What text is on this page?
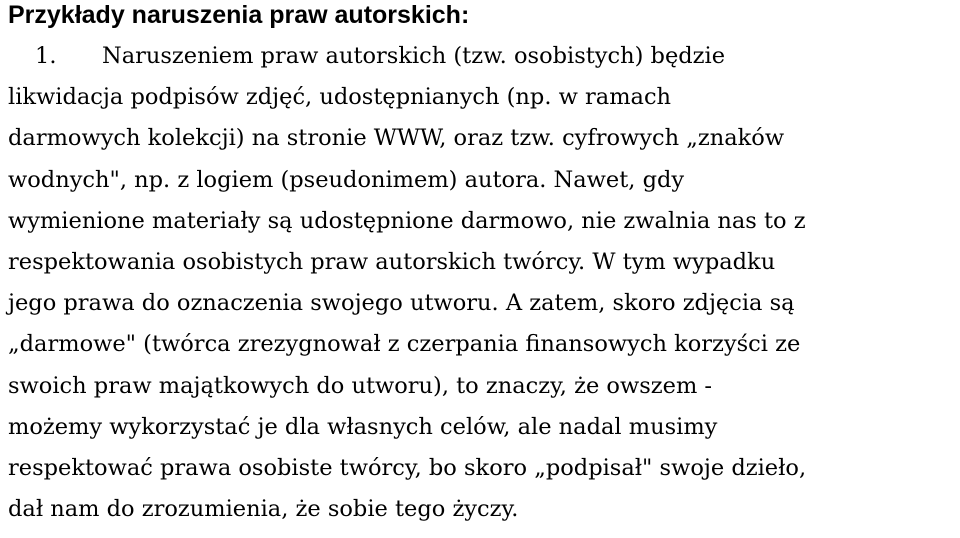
Przykłady naruszenia praw autorskich:
1. Naruszeniem praw autorskich (tzw. osobistych) będzie
likwidacja podpisów zdjęć, udostępnianych (np. w ramach
darmowych kolekcji) na stronie WWW, oraz tzw. cyfrowych „znaków
wodnych", np. z logiem (pseudonimem) autora. Nawet, gdy
wymienione materiały są udostępnione darmowo, nie zwalnia nas to z
respektowania osobistych praw autorskich twórcy. W tym wypadku
jego prawa do oznaczenia swojego utworu. A zatem, skoro zdjęcia są
„darmowe" (twórca zrezygnował z czerpania finansowych korzyści ze
swoich praw majątkowych do utworu), to znaczy, że owszem -
możemy wykorzystać je dla własnych celów, ale nadal musimy
respektować prawa osobiste twórcy, bo skoro „podpisał" swoje dzieło,
dał nam do zrozumienia, że sobie tego życzy.
